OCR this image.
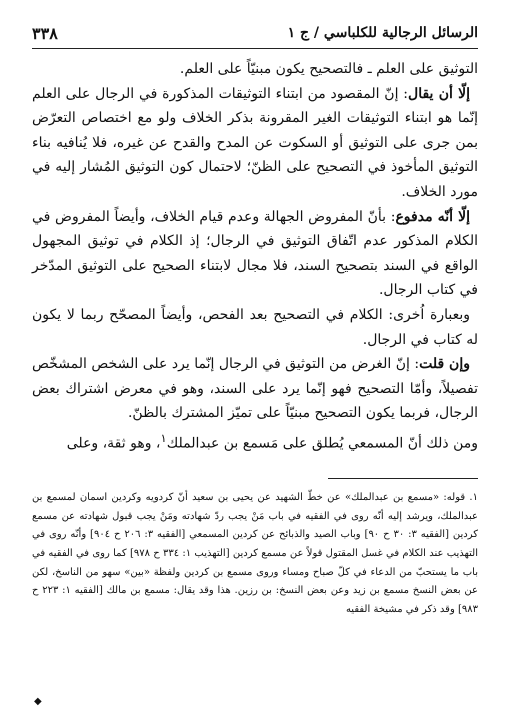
الرسائل الرجالية للكلباسي / ج ١
٣٣٨

التوثيق على العلم ـ فالتصحيح يكون مبنيّاً على العلم.

إلّا أن يقال: إنّ المقصود من ابتناء التوثيقات المذكورة في الرجال على العلم إنّما هو ابتناء التوثيقات الغير المقرونة بذكر الخلاف ولو مع اختصاص التعرّض بمن جرى على التوثيق أو السكوت عن المدح والقدح عن غيره، فلا يُنافيه بناء التوثيق المأخوذ في التصحيح على الظنّ؛ لاحتمال كون التوثيق المُشار إليه في مورد الخلاف.

إلّا أنّه مدفوع: بأنّ المفروض الجهالة وعدم قيام الخلاف، وأيضاً المفروض في الكلام المذكور عدم اتّفاق التوثيق في الرجال؛ إذ الكلام في توثيق المجهول الواقع في السند بتصحيح السند، فلا مجال لابتناء الصحيح على التوثيق المدّخر في كتاب الرجال.

وبعبارة اُخرى: الكلام في التصحيح بعد الفحص، وأيضاً المصحّح ربما لا يكون له كتاب في الرجال.

وإن قلت: إنّ الغرض من التوثيق في الرجال إنّما يرد على الشخص المشخّص تفصيلاً، وأمّا التصحيح فهو إنّما يرد على السند، وهو في معرض اشتراك بعض الرجال، فربما يكون التصحيح مبنيّاً على تميّز المشترك بالظنّ.

ومن ذلك أنّ المسمعي يُطلق على مَسمع بن عبدالملك$^١$، وهو ثقة، وعلى

١. قوله: «مسمع بن عبدالملك» عن خطّ الشهيد عن يحيى بن سعيد أنّ كردويه وكردين اسمان لمسمع بن عبدالملك، ويرشد إليه أنّه روى في الفقيه في باب مَنْ يجب ردّ شهادته ومَنْ يجب قبول شهادته عن مسمع كردين [الفقيه ٣: ٣٠ ح ٩٠] وباب الصيد والذبائح عن كردين المسمعي [الفقيه ٣: ٢٠٦ ح ٩٠٤] وأنّه روى في التهذيب عند الكلام في غسل المقتول قولاً عن مسمع كردين [التهذيب ١: ٣٣٤ ح ٩٧٨] كما روى في الفقيه في باب ما يستحبّ من الدعاء في كلّ صباح ومساء وروى مسمع بن كردين ولفظة «بين» سهو من الناسخ، لكن عن بعض النسخ مسمع بن زيد وعن بعض النسخ: بن رزين. هذا وقد يقال: مسمع بن مالك [الفقيه ١: ٢٢٣ ح ٩٨٣] وقد ذكر في مشيخة الفقيه

◆
